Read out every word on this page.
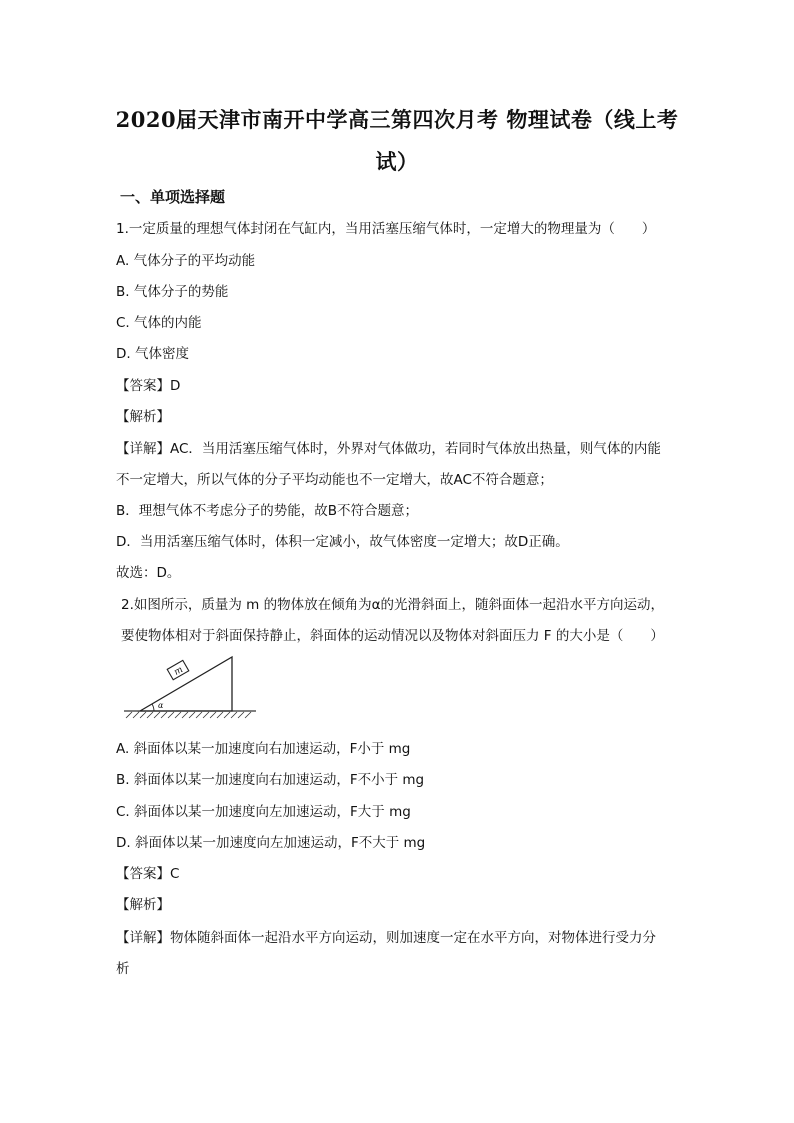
2020届天津市南开中学高三第四次月考 物理试卷（线上考
试）
一、单项选择题
1.一定质量的理想气体封闭在气缸内，当用活塞压缩气体时，一定增大的物理量为（　　）
A. 气体分子的平均动能
B. 气体分子的势能
C. 气体的内能
D. 气体密度
【答案】D
【解析】
【详解】AC．当用活塞压缩气体时，外界对气体做功，若同时气体放出热量，则气体的内能
不一定增大，所以气体的分子平均动能也不一定增大，故AC不符合题意；
B．理想气体不考虑分子的势能，故B不符合题意；
D．当用活塞压缩气体时，体积一定减小，故气体密度一定增大；故D正确。
故选：D。
2.如图所示，质量为 m 的物体放在倾角为α的光滑斜面上，随斜面体一起沿水平方向运动，
要使物体相对于斜面保持静止，斜面体的运动情况以及物体对斜面压力 F 的大小是（　　）
m
α
A. 斜面体以某一加速度向右加速运动，F小于 mg
B. 斜面体以某一加速度向右加速运动，F不小于 mg
C. 斜面体以某一加速度向左加速运动，F大于 mg
D. 斜面体以某一加速度向左加速运动，F不大于 mg
【答案】C
【解析】
【详解】物体随斜面体一起沿水平方向运动，则加速度一定在水平方向，对物体进行受力分
析
